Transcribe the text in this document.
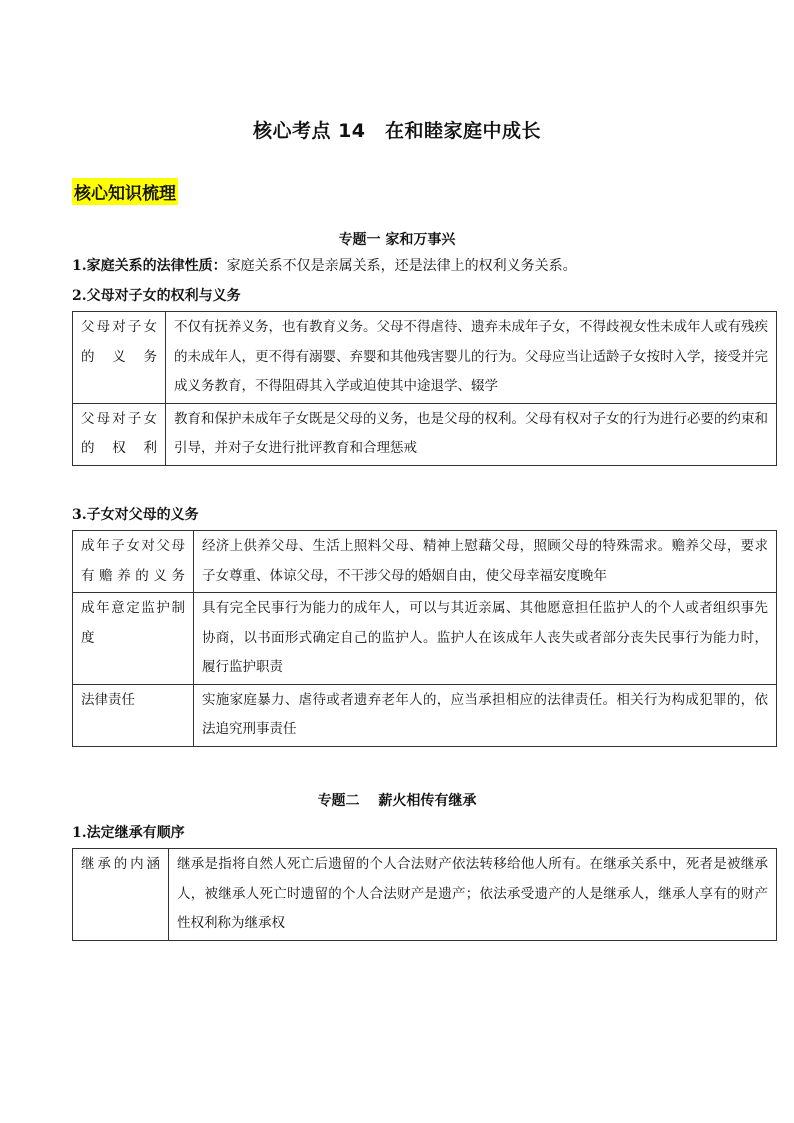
核心考点 14　在和睦家庭中成长
核心知识梳理
专题一 家和万事兴
1.家庭关系的法律性质：家庭关系不仅是亲属关系，还是法律上的权利义务关系。
2.父母对子女的权利与义务
父母对子女的义务	不仅有抚养义务，也有教育义务。父母不得虐待、遗弃未成年子女，不得歧视女性未成年人或有残疾的未成年人，更不得有溺婴、弃婴和其他残害婴儿的行为。父母应当让适龄子女按时入学，接受并完成义务教育，不得阻碍其入学或迫使其中途退学、辍学
父母对子女的权利	教育和保护未成年子女既是父母的义务，也是父母的权利。父母有权对子女的行为进行必要的约束和引导，并对子女进行批评教育和合理惩戒
3.子女对父母的义务
成年子女对父母有赡养的义务	经济上供养父母、生活上照料父母、精神上慰藉父母，照顾父母的特殊需求。赡养父母，要求子女尊重、体谅父母，不干涉父母的婚姻自由，使父母幸福安度晚年
成年意定监护制度	具有完全民事行为能力的成年人，可以与其近亲属、其他愿意担任监护人的个人或者组织事先协商，以书面形式确定自己的监护人。监护人在该成年人丧失或者部分丧失民事行为能力时，履行监护职责
法律责任	实施家庭暴力、虐待或者遗弃老年人的，应当承担相应的法律责任。相关行为构成犯罪的，依法追究刑事责任
专题二　 薪火相传有继承
1.法定继承有顺序
继承的内涵	继承是指将自然人死亡后遗留的个人合法财产依法转移给他人所有。在继承关系中，死者是被继承人，被继承人死亡时遗留的个人合法财产是遗产；依法承受遗产的人是继承人，继承人享有的财产性权利称为继承权
